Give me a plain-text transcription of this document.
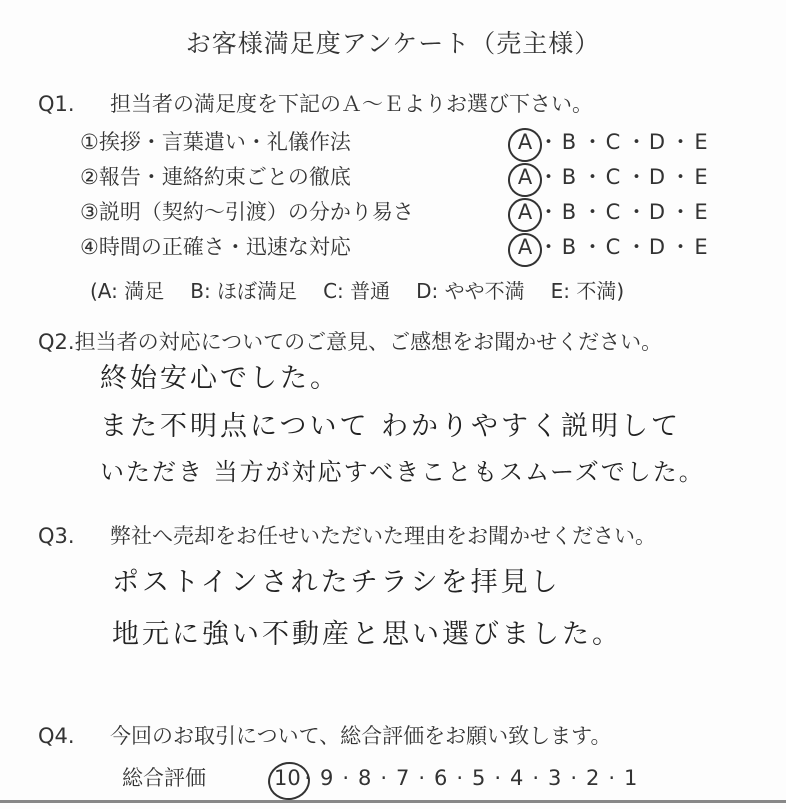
お客様満足度アンケート（売主様）
Q1. 担当者の満足度を下記のＡ～Ｅよりお選び下さい。
①挨拶・言葉遣い・礼儀作法	A ・ B ・ C ・D ・ E
②報告・連絡約束ごとの徹底	A ・ B ・ C ・D ・ E
③説明（契約～引渡）の分かり易さ	A ・ B ・ C ・D ・ E
④時間の正確さ・迅速な対応	A ・ B ・ C ・D ・ E
(A: 満足 B: ほぼ満足 C: 普通 D: やや不満 E: 不満)
Q2.担当者の対応についてのご意見、ご感想をお聞かせください。
終始安心でした。
また不明点について わかりやすく説明して
いただき 当方が対応すべきこともスムーズでした。
Q3. 弊社へ売却をお任せいただいた理由をお聞かせください。
ポストインされたチラシを拝見し
地元に強い不動産と思い選びました。
Q4. 今回のお取引について、総合評価をお願い致します。
総合評価	10 · 9 · 8 · 7 · 6 · 5 · 4 · 3 · 2 · 1
